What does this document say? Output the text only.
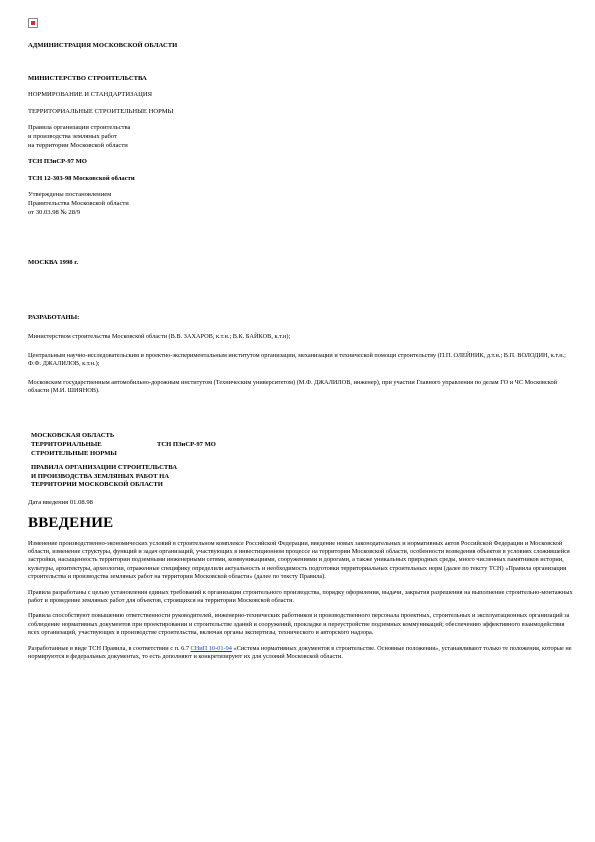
АДМИНИСТРАЦИЯ МОСКОВСКОЙ ОБЛАСТИ

МИНИСТЕРСТВО СТРОИТЕЛЬСТВА

НОРМИРОВАНИЕ И СТАНДАРТИЗАЦИЯ

ТЕРРИТОРИАЛЬНЫЕ СТРОИТЕЛЬНЫЕ НОРМЫ

Правила организации строительства

и производства земляных работ

на территории Московской области

ТСН ПЗиСР-97 МО

ТСН 12-303-98 Московской области

Утверждены постановлением

Правительства Московской области

от 30.03.98 № 28/9

МОСКВА 1998 г.

РАЗРАБОТАНЫ:

Министерством строительства Московской области (В.В. ЗАХАРОВ, к.т.н.; В.К. БАЙКОВ, к.т.н);

Центральным научно-исследовательским и проектно-экспериментальным институтом организации, механизации и технической помощи строительству (П.П. ОЛЕЙНИК, д.т.н.; В.П. ВОЛОДИН, к.т.н.; Ф.Ф. ДЖАЛИЛОВ, к.т.н.);

Московским государственным автомобильно-дорожным институтом (Техническим университетом) (М.Ф. ДЖАЛИЛОВ, инженер), при участии Главного управления по делам ГО и ЧС Московской области (М.И. ШИЯНОВ).

МОСКОВСКАЯ ОБЛАСТЬ

ТЕРРИТОРИАЛЬНЫЕ

СТРОИТЕЛЬНЫЕ НОРМЫ

ТСН ПЗиСР-97 МО

ПРАВИЛА ОРГАНИЗАЦИИ СТРОИТЕЛЬСТВА

И ПРОИЗВОДСТВА ЗЕМЛЯНЫХ РАБОТ НА

ТЕРРИТОРИИ МОСКОВСКОЙ ОБЛАСТИ

Дата введения 01.08.98

ВВЕДЕНИЕ

Изменение производственно-экономических условий в строительном комплексе Российской Федерации, введение новых законодательных и нормативных актов Российской Федерации и Московской области, изменение структуры, функций и задач организаций, участвующих в инвестиционном процессе на территории Московской области, особенности возведения объектов в условиях сложившейся застройки, насыщенность территории подземными инженерными сетями, коммуникациями, сооружениями и дорогами, а также уникальных природных среды, много численных памятников истории, культуры, архитектуры, археологии, отраженные специфику определили актуальность и необходимость подготовки территориальных строительных норм (далее по тексту ТСН) «Правила организации строительства и производства земляных работ на территории Московской области» (далее по тексту Правила).

Правила разработаны с целью установления единых требований к организации строительного производства, порядку оформления, выдачи, закрытия разрешения на выполнение строительно-монтажных работ и проведение земляных работ для объектов, строящихся на территории Московской области.

Правила способствуют повышению ответственности руководителей, инженерно-технических работников и производственного персонала проектных, строительных и эксплуатационных организаций за соблюдение нормативных документов при проектировании и строительстве зданий и сооружений, прокладке и переустройстве подземных коммуникаций; обеспечению эффективного взаимодействия всех организаций, участвующих в производстве строительства, включая органы экспертизы, технического и авторского надзора.

Разработанные в виде ТСН Правила, в соответствии с п. 6.7 СНиП 10-01-94 «Система нормативных документов в строительстве. Основные положения», устанавливают только те положения, которые не нормируются в федеральных документах, то есть дополняют и конкретизируют их для условий Московской области.
